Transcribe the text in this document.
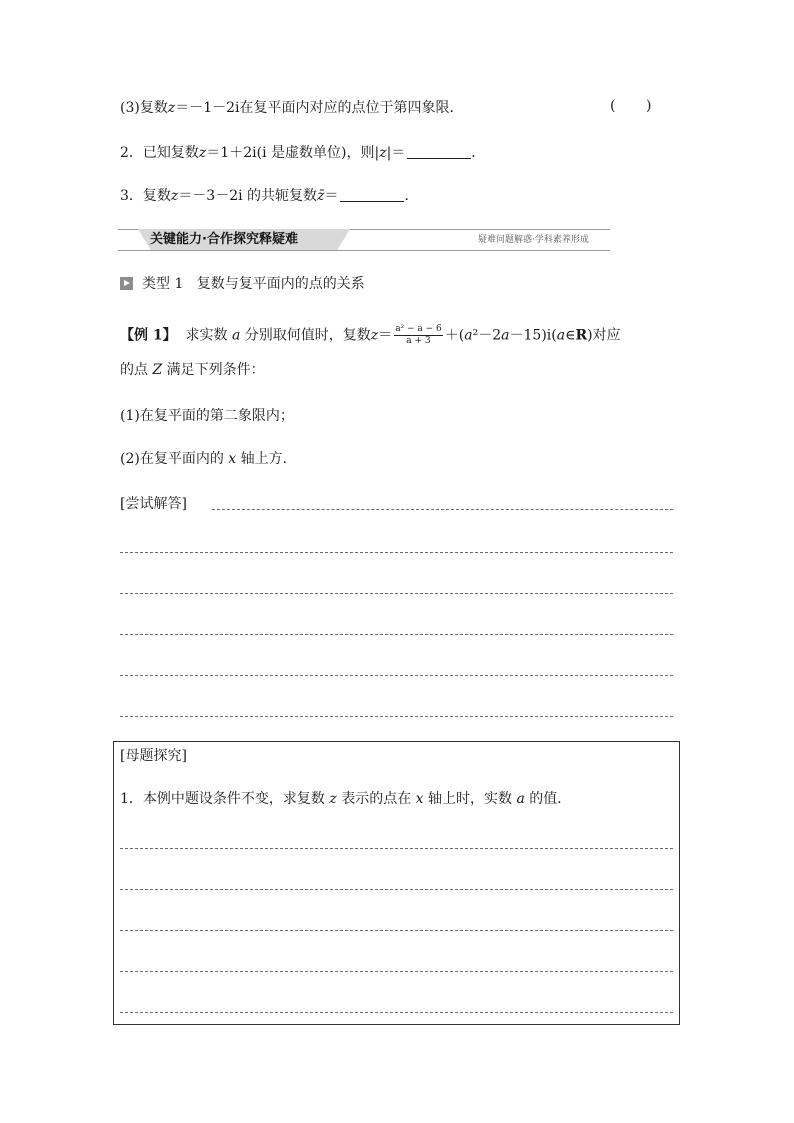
(3)复数z＝－1－2i在复平面内对应的点位于第四象限．	( )
2．已知复数z＝1＋2i(i 是虚数单位)，则|z|＝	．
3．复数z＝－3－2i 的共轭复数z̄＝	．
关键能力·合作探究释疑难	疑难问题解惑·学科素养形成
类型 1 复数与复平面内的点的关系
【例 1】 求实数 a 分别取何值时，复数$z= \frac{\text{a² − a − 6}}{a + 3}$ ＋(a²－2a－15)i(a∈R)对应
的点 Z 满足下列条件：
(1)在复平面的第二象限内；
(2)在复平面内的 x 轴上方．
[尝试解答]
[母题探究]
1．本例中题设条件不变，求复数 z 表示的点在 x 轴上时，实数 a 的值．
